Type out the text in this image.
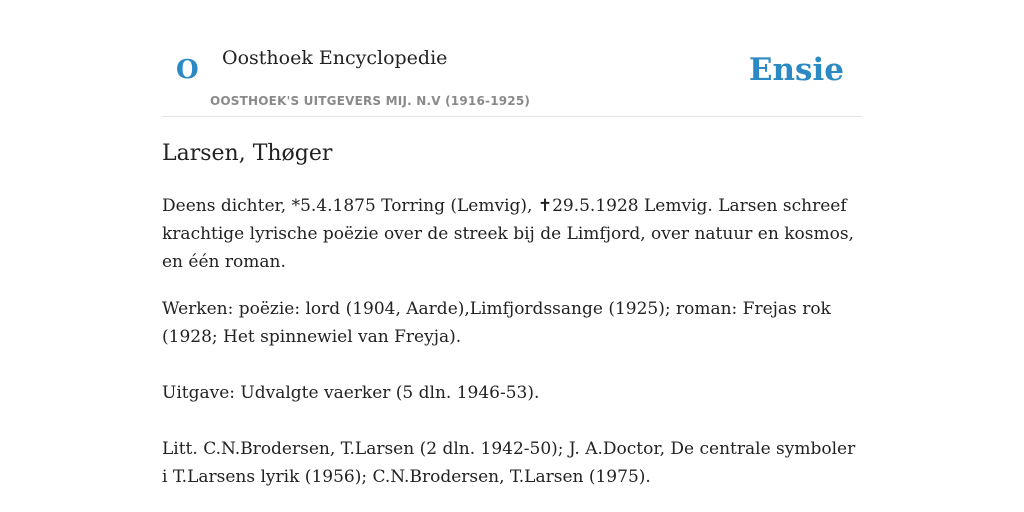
O Oosthoek Encyclopedie
OOSTHOEK'S UITGEVERS MIJ. N.V (1916-1925)
Ensie
Larsen, Thøger

Deens dichter, *5.4.1875 Torring (Lemvig), ✝29.5.1928 Lemvig. Larsen schreef krachtige lyrische poëzie over de streek bij de Limfjord, over natuur en kosmos, en één roman.

Werken: poëzie: lord (1904, Aarde),Limfjordssange (1925); roman: Frejas rok (1928; Het spinnewiel van Freyja).

Uitgave: Udvalgte vaerker (5 dln. 1946-53).

Litt. C.N.Brodersen, T.Larsen (2 dln. 1942-50); J. A.Doctor, De centrale symboler i T.Larsens lyrik (1956); C.N.Brodersen, T.Larsen (1975).
